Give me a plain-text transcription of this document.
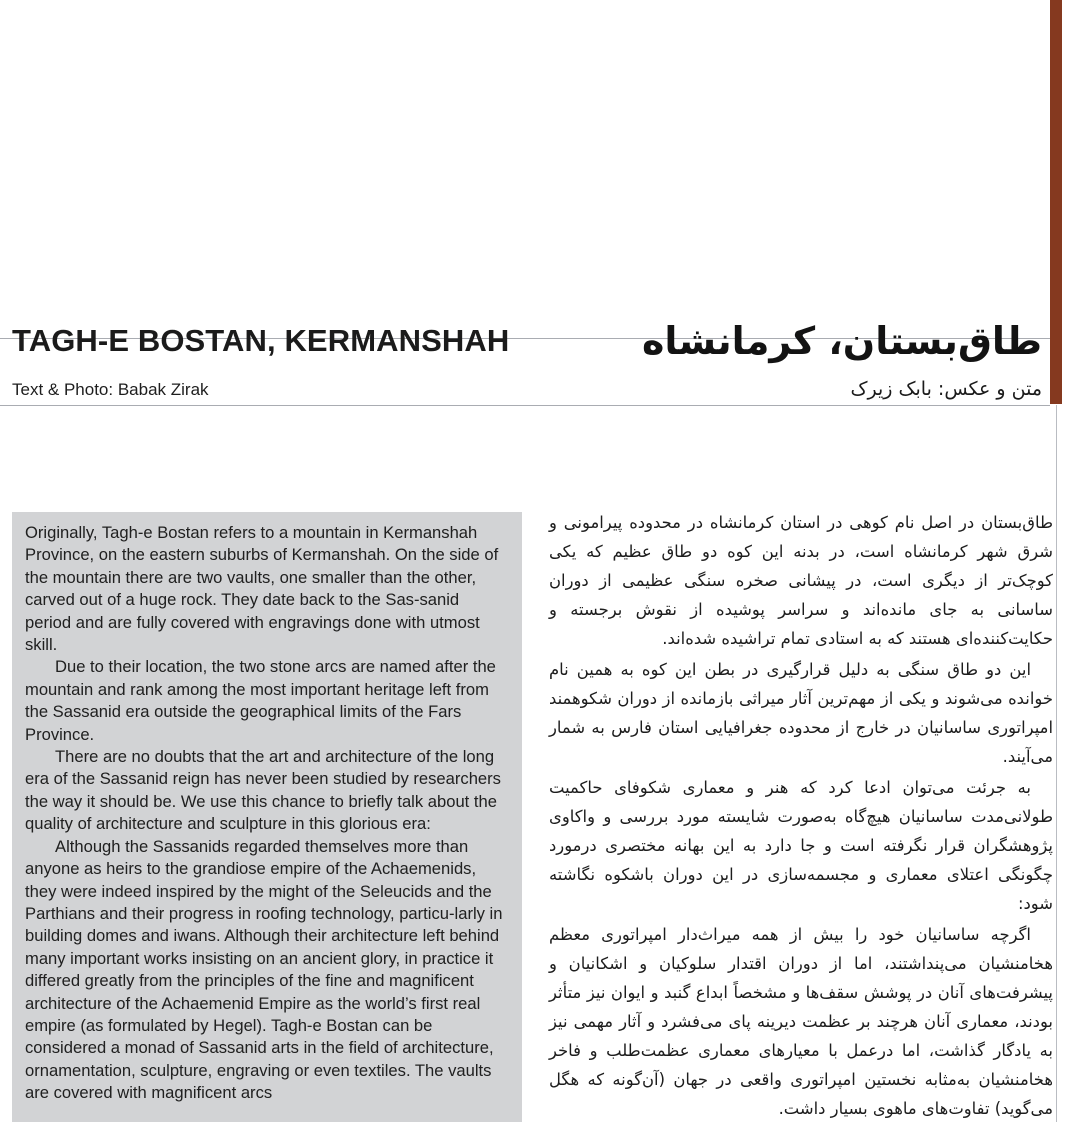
TAGH-E BOSTAN, KERMANSHAH	طاق‌بستان، کرمانشاه
Text & Photo: Babak Zirak	متن و عکس: بابک زیرک

Originally, Tagh-e Bostan refers to a mountain in Kermanshah Province, on the eastern suburbs of Kermanshah. On the side of the mountain there are two vaults, one smaller than the other, carved out of a huge rock. They date back to the Sas-sanid period and are fully covered with engravings done with utmost skill.

Due to their location, the two stone arcs are named after the mountain and rank among the most important heritage left from the Sassanid era outside the geographical limits of the Fars Province.

There are no doubts that the art and architecture of the long era of the Sassanid reign has never been studied by researchers the way it should be. We use this chance to briefly talk about the quality of architecture and sculpture in this glorious era:

Although the Sassanids regarded themselves more than anyone as heirs to the grandiose empire of the Achaemenids, they were indeed inspired by the might of the Seleucids and the Parthians and their progress in roofing technology, particu-larly in building domes and iwans. Although their architecture left behind many important works insisting on an ancient glory, in practice it differed greatly from the principles of the fine and magnificent architecture of the Achaemenid Empire as the world’s first real empire (as formulated by Hegel). Tagh-e Bostan can be considered a monad of Sassanid arts in the field of architecture, ornamentation, sculpture, engraving or even textiles. The vaults are covered with magnificent arcs

طاق‌بستان در اصل نام کوهی در استان کرمانشاه در محدوده پیرامونی و شرق شهر کرمانشاه است، در بدنه این کوه دو طاق عظیم که یکی کوچک‌تر از دیگری است، در پیشانی صخره سنگی عظیمی از دوران ساسانی به جای مانده‌اند و سراسر پوشیده از نقوش برجسته و حکایت‌کننده‌ای هستند که به استادی تمام تراشیده شده‌اند.

این دو طاق سنگی به دلیل قرارگیری در بطن این کوه به همین نام خوانده می‌شوند و یکی از مهم‌ترین آثار میراثی بازمانده از دوران شکوهمند امپراتوری ساسانیان در خارج از محدوده جغرافیایی استان فارس به شمار می‌آیند.

به جرئت می‌توان ادعا کرد که هنر و معماری شکوفای حاکمیت طولانی‌مدت ساسانیان هیچ‌گاه به‌صورت شایسته مورد بررسی و واکاوی پژوهشگران قرار نگرفته است و جا دارد به این بهانه مختصری درمورد چگونگی اعتلای معماری و مجسمه‌سازی در این دوران باشکوه نگاشته شود:

اگرچه ساسانیان خود را بیش از همه میراث‌دار امپراتوری معظم هخامنشیان می‌پنداشتند، اما از دوران اقتدار سلوکیان و اشکانیان و پیشرفت‌های آنان در پوشش سقف‌ها و مشخصاً ابداع گنبد و ایوان نیز متأثر بودند، معماری آنان هرچند بر عظمت دیرینه پای می‌فشرد و آثار مهمی نیز به یادگار گذاشت، اما درعمل با معیارهای معماری عظمت‌طلب و فاخر هخامنشیان به‌مثابه نخستین امپراتوری واقعی در جهان (آن‌گونه که هگل می‌گوید) تفاوت‌های ماهوی بسیار داشت.
